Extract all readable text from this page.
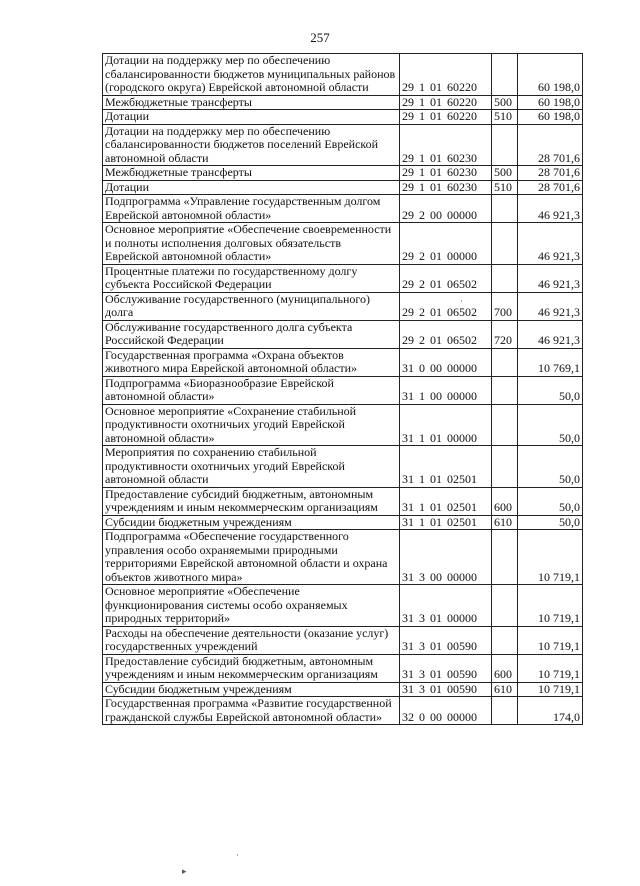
257
Дотации на поддержку мер по обеспечению сбалансированности бюджетов муниципальных районов (городского округа) Еврейской автономной области	29 1 01 60220		60 198,0
Межбюджетные трансферты	29 1 01 60220	500	60 198,0
Дотации	29 1 01 60220	510	60 198,0
Дотации на поддержку мер по обеспечению сбалансированности бюджетов поселений Еврейской автономной области	29 1 01 60230		28 701,6
Межбюджетные трансферты	29 1 01 60230	500	28 701,6
Дотации	29 1 01 60230	510	28 701,6
Подпрограмма «Управление государственным долгом Еврейской автономной области»	29 2 00 00000		46 921,3
Основное мероприятие «Обеспечение своевременности и полноты исполнения долговых обязательств Еврейской автономной области»	29 2 01 00000		46 921,3
Процентные платежи по государственному долгу субъекта Российской Федерации	29 2 01 06502		46 921,3
Обслуживание государственного (муниципального) долга	29 2 01 06502	700	46 921,3
Обслуживание государственного долга субъекта Российской Федерации	29 2 01 06502	720	46 921,3
Государственная программа «Охрана объектов животного мира Еврейской автономной области»	31 0 00 00000		10 769,1
Подпрограмма «Биоразнообразие Еврейской автономной области»	31 1 00 00000		50,0
Основное мероприятие «Сохранение стабильной продуктивности охотничьих угодий Еврейской автономной области»	31 1 01 00000		50,0
Мероприятия по сохранению стабильной продуктивности охотничьих угодий Еврейской автономной области	31 1 01 02501		50,0
Предоставление субсидий бюджетным, автономным учреждениям и иным некоммерческим организациям	31 1 01 02501	600	50,0
Субсидии бюджетным учреждениям	31 1 01 02501	610	50,0
Подпрограмма «Обеспечение государственного управления особо охраняемыми природными территориями Еврейской автономной области и охрана объектов животного мира»	31 3 00 00000		10 719,1
Основное мероприятие «Обеспечение функционирования системы особо охраняемых природных территорий»	31 3 01 00000		10 719,1
Расходы на обеспечение деятельности (оказание услуг) государственных учреждений	31 3 01 00590		10 719,1
Предоставление субсидий бюджетным, автономным учреждениям и иным некоммерческим организациям	31 3 01 00590	600	10 719,1
Субсидии бюджетным учреждениям	31 3 01 00590	610	10 719,1
Государственная программа «Развитие государственной гражданской службы Еврейской автономной области»	32 0 00 00000		174,0
·
·
▸
